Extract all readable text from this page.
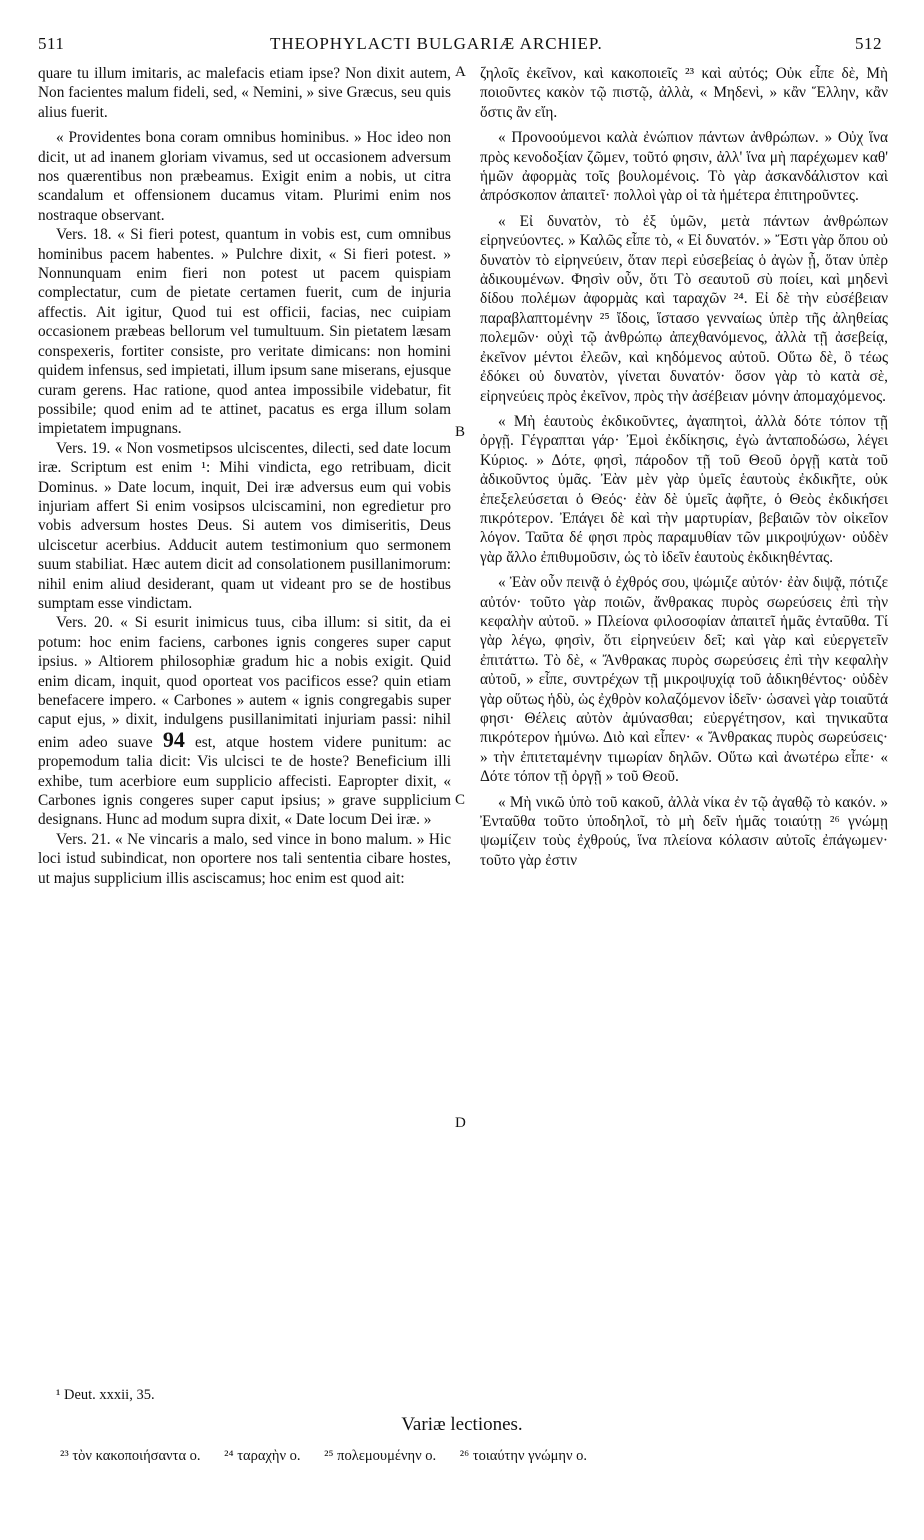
511	THEOPHYLACTI BULGARIÆ ARCHIEP.	512

quare tu illum imitaris, ac malefacis etiam ipse? Non dixit autem, Non facientes malum fideli, sed, « Nemini, » sive Græcus, seu quis alius fuerit.

« Providentes bona coram omnibus hominibus. » Hoc ideo non dicit, ut ad inanem gloriam vivamus, sed ut occasionem adversum nos quærentibus non præbeamus. Exigit enim a nobis, ut citra scandalum et offensionem ducamus vitam. Plurimi enim nos nostraque observant.

Vers. 18. « Si fieri potest, quantum in vobis est, cum omnibus hominibus pacem habentes. » Pulchre dixit, « Si fieri potest. » Nonnunquam enim fieri non potest ut pacem quispiam complectatur, cum de pietate certamen fuerit, cum de injuria affectis. Ait igitur, Quod tui est officii, facias, nec cuipiam occasionem præbeas bellorum vel tumultuum. Sin pietatem læsam conspexeris, fortiter consiste, pro veritate dimicans: non homini quidem infensus, sed impietati, illum ipsum sane miserans, ejusque curam gerens. Hac ratione, quod antea impossibile videbatur, fit possibile; quod enim ad te attinet, pacatus es erga illum solam impietatem impugnans.

Vers. 19. « Non vosmetipsos ulciscentes, dilecti, sed date locum iræ. Scriptum est enim ¹: Mihi vindicta, ego retribuam, dicit Dominus. » Date locum, inquit, Dei iræ adversus eum qui vobis injuriam affert Si enim vosipsos ulciscamini, non egredietur pro vobis adversum hostes Deus. Si autem vos dimiseritis, Deus ulciscetur acerbius. Adducit autem testimonium quo sermonem suum stabiliat. Hæc autem dicit ad consolationem pusillanimorum: nihil enim aliud desiderant, quam ut videant pro se de hostibus sumptam esse vindictam.

Vers. 20. « Si esurit inimicus tuus, ciba illum: si sitit, da ei potum: hoc enim faciens, carbones ignis congeres super caput ipsius. » Altiorem philosophiæ gradum hic a nobis exigit. Quid enim dicam, inquit, quod oporteat vos pacificos esse? quin etiam benefacere impero. « Carbones » autem « ignis congregabis super caput ejus, » dixit, indulgens pusillanimitati injuriam passi: nihil enim adeo suave 94 est, atque hostem videre punitum: ac propemodum talia dicit: Vis ulcisci te de hoste? Beneficium illi exhibe, tum acerbiore eum supplicio affecisti. Eapropter dixit, « Carbones ignis congeres super caput ipsius; » grave supplicium designans. Hunc ad modum supra dixit, « Date locum Dei iræ. »

Vers. 21. « Ne vincaris a malo, sed vince in bono malum. » Hic loci istud subindicat, non oportere nos tali sententia cibare hostes, ut majus supplicium illis asciscamus; hoc enim est quod ait:

A
B
C
D

ζηλοῖς ἐκεῖνον, καὶ κακοποιεῖς ²³ καὶ αὐτός; Οὐκ εἶπε δὲ, Μὴ ποιοῦντες κακὸν τῷ πιστῷ, ἀλλὰ, « Μηδενὶ, » κἂν Ἕλλην, κἂν ὅστις ἂν εἴη.

« Προνοούμενοι καλὰ ἐνώπιον πάντων ἀνθρώπων. » Οὐχ ἵνα πρὸς κενοδοξίαν ζῶμεν, τοῦτό φησιν, ἀλλ' ἵνα μὴ παρέχωμεν καθ' ἡμῶν ἀφορμὰς τοῖς βουλομένοις. Τὸ γὰρ ἀσκανδάλιστον καὶ ἀπρόσκοπον ἀπαιτεῖ· πολλοὶ γὰρ οἱ τὰ ἡμέτερα ἐπιτηροῦντες.

« Εἰ δυνατὸν, τὸ ἐξ ὑμῶν, μετὰ πάντων ἀνθρώπων εἰρηνεύοντες. » Καλῶς εἶπε τὸ, « Εἰ δυνατόν. » Ἔστι γὰρ ὅπου οὐ δυνατὸν τὸ εἰρηνεύειν, ὅταν περὶ εὐσεβείας ὁ ἀγὼν ᾖ, ὅταν ὑπὲρ ἀδικουμένων. Φησὶν οὖν, ὅτι Τὸ σεαυτοῦ σὺ ποίει, καὶ μηδενὶ δίδου πολέμων ἀφορμὰς καὶ ταραχῶν ²⁴. Εἰ δὲ τὴν εὐσέβειαν παραβλαπτομένην ²⁵ ἴδοις, ἵστασο γενναίως ὑπὲρ τῆς ἀληθείας πολεμῶν· οὐχὶ τῷ ἀνθρώπῳ ἀπεχθανόμενος, ἀλλὰ τῇ ἀσεβείᾳ, ἐκεῖνον μέντοι ἐλεῶν, καὶ κηδόμενος αὐτοῦ. Οὕτω δὲ, ὃ τέως ἐδόκει οὐ δυνατὸν, γίνεται δυνατόν· ὅσον γὰρ τὸ κατὰ σὲ, εἰρηνεύεις πρὸς ἐκεῖνον, πρὸς τὴν ἀσέβειαν μόνην ἀπομαχόμενος.

« Μὴ ἑαυτοὺς ἐκδικοῦντες, ἀγαπητοὶ, ἀλλὰ δότε τόπον τῇ ὀργῇ. Γέγραπται γάρ· Ἐμοὶ ἐκδίκησις, ἐγὼ ἀνταποδώσω, λέγει Κύριος. » Δότε, φησὶ, πάροδον τῇ τοῦ Θεοῦ ὀργῇ κατὰ τοῦ ἀδικοῦντος ὑμᾶς. Ἐὰν μὲν γὰρ ὑμεῖς ἑαυτοὺς ἐκδικῆτε, οὐκ ἐπεξελεύσεται ὁ Θεός· ἐὰν δὲ ὑμεῖς ἀφῆτε, ὁ Θεὸς ἐκδικήσει πικρότερον. Ἐπάγει δὲ καὶ τὴν μαρτυρίαν, βεβαιῶν τὸν οἰκεῖον λόγον. Ταῦτα δέ φησι πρὸς παραμυθίαν τῶν μικροψύχων· οὐδὲν γὰρ ἄλλο ἐπιθυμοῦσιν, ὡς τὸ ἰδεῖν ἑαυτοὺς ἐκδικηθέντας.

« Ἐὰν οὖν πεινᾷ ὁ ἐχθρός σου, ψώμιζε αὐτόν· ἐὰν διψᾷ, πότιζε αὐτόν· τοῦτο γὰρ ποιῶν, ἄνθρακας πυρὸς σωρεύσεις ἐπὶ τὴν κεφαλὴν αὐτοῦ. » Πλείονα φιλοσοφίαν ἀπαιτεῖ ἡμᾶς ἐνταῦθα. Τί γὰρ λέγω, φησὶν, ὅτι εἰρηνεύειν δεῖ; καὶ γὰρ καὶ εὐεργετεῖν ἐπιτάττω. Τὸ δὲ, « Ἄνθρακας πυρὸς σωρεύσεις ἐπὶ τὴν κεφαλὴν αὐτοῦ, » εἶπε, συντρέχων τῇ μικροψυχίᾳ τοῦ ἀδικηθέντος· οὐδὲν γὰρ οὕτως ἡδὺ, ὡς ἐχθρὸν κολαζόμενον ἰδεῖν· ὡσανεὶ γὰρ τοιαῦτά φησι· Θέλεις αὐτὸν ἀμύνασθαι; εὐεργέτησον, καὶ τηνικαῦτα πικρότερον ἡμύνω. Διὸ καὶ εἶπεν· « Ἄνθρακας πυρὸς σωρεύσεις· » τὴν ἐπιτεταμένην τιμωρίαν δηλῶν. Οὕτω καὶ ἀνωτέρω εἶπε· « Δότε τόπον τῇ ὀργῇ » τοῦ Θεοῦ.

« Μὴ νικῶ ὑπὸ τοῦ κακοῦ, ἀλλὰ νίκα ἐν τῷ ἀγαθῷ τὸ κακόν. » Ἐνταῦθα τοῦτο ὑποδηλοῖ, τὸ μὴ δεῖν ἡμᾶς τοιαύτῃ ²⁶ γνώμῃ ψωμίζειν τοὺς ἐχθρούς, ἵνα πλείονα κόλασιν αὐτοῖς ἐπάγωμεν· τοῦτο γὰρ ἐστιν

¹ Deut. xxxii, 35.
Variæ lectiones.
²³ τὸν κακοποιήσαντα ο. ²⁴ ταραχὴν ο. ²⁵ πολεμουμένην ο. ²⁶ τοιαύτην γνώμην ο.
